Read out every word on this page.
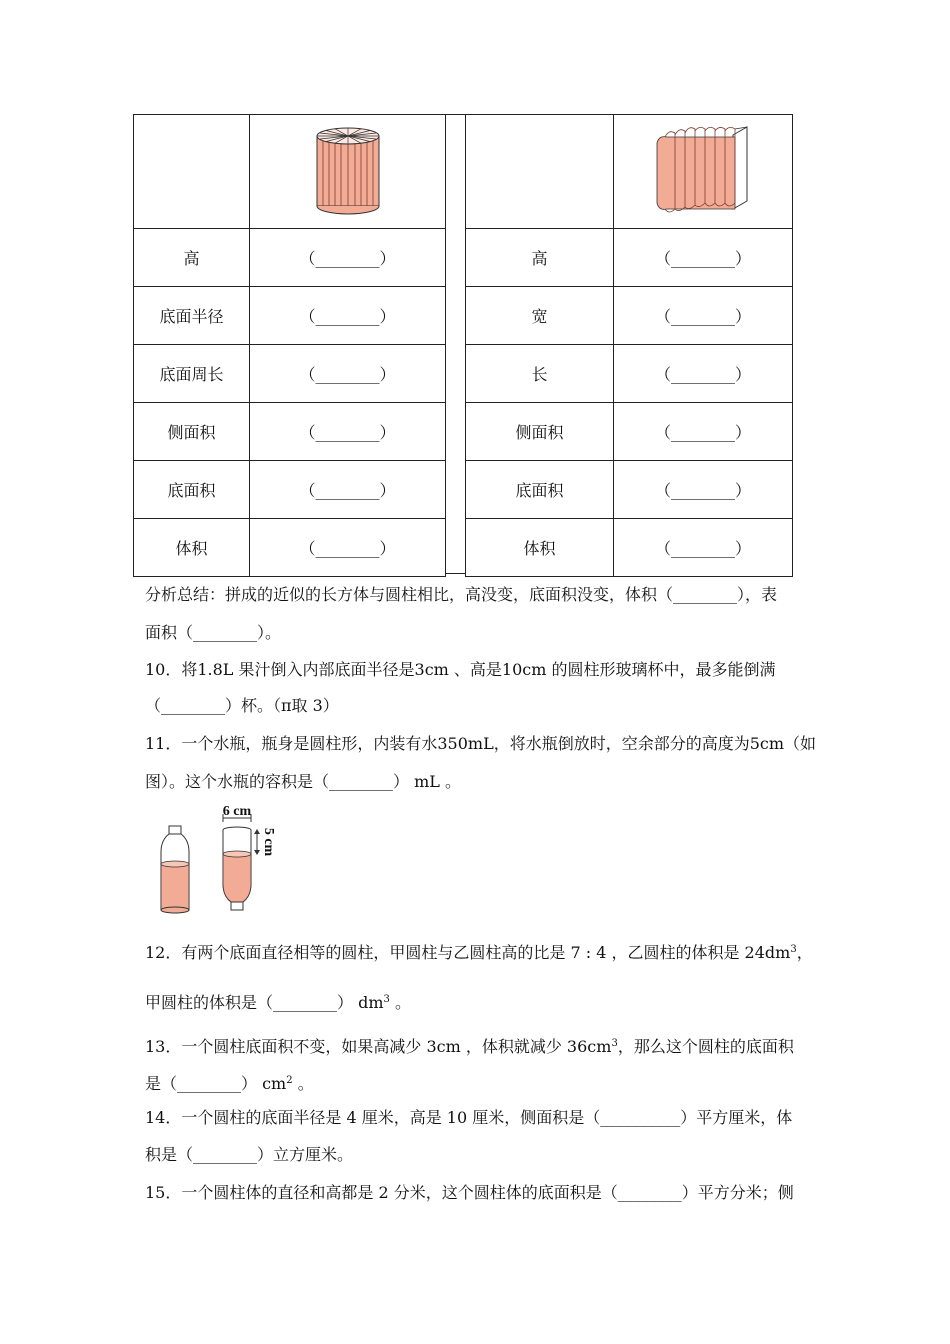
高	（________）
底面半径	（________）
底面周长	（________）
侧面积	（________）
底面积	（________）
体积	（________）

高	（________）
宽	（________）
长	（________）
侧面积	（________）
底面积	（________）
体积	（________）
分析总结：拼成的近似的长方体与圆柱相比，高没变，底面积没变，体积（________），表
面积（________）。
10．将1.8L 果汁倒入内部底面半径是3cm 、高是10cm 的圆柱形玻璃杯中，最多能倒满
（________）杯。（π取 3）
11．一个水瓶，瓶身是圆柱形，内装有水350mL，将水瓶倒放时，空余部分的高度为5cm（如
图）。这个水瓶的容积是（________） mL 。
6 cm
5 cm
12．有两个底面直径相等的圆柱，甲圆柱与乙圆柱高的比是 7 : 4 ，乙圆柱的体积是 $24dm^3$，
甲圆柱的体积是（________） $dm^3$ 。
13．一个圆柱底面积不变，如果高减少 3cm ，体积就减少 $36cm^3$，那么这个圆柱的底面积
是（________） $cm^2$ 。
14．一个圆柱的底面半径是 4 厘米，高是 10 厘米，侧面积是（__________）平方厘米，体
积是（________）立方厘米。
15．一个圆柱体的直径和高都是 2 分米，这个圆柱体的底面积是（________）平方分米；侧
